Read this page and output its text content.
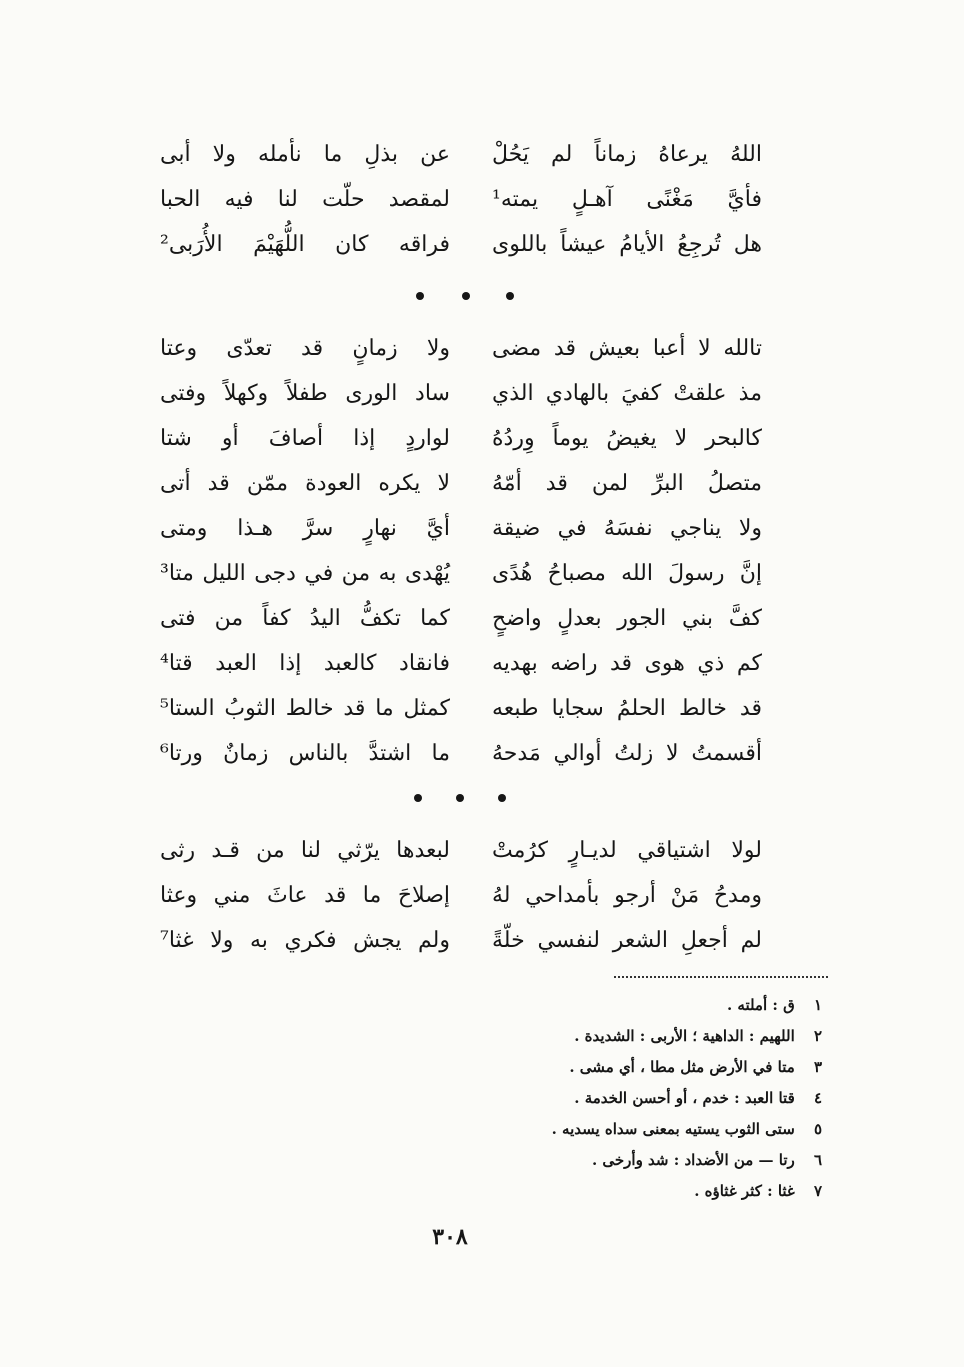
اللهُ يرعاهُ زماناً لم يَحُلْ
عن بذلِ ما نأمله ولا أبى
فأيَّ مَغْنًى آهـلٍ يمته¹
لمقصد حلّت لنا فيه الحبا
هل تُرجِعُ الأيامُ عيشاً باللوى
فراقه كان اللُّهَيْمَ الأُرَبى²
تالله لا أعبا بعيش قد مضى
ولا زمانٍ قد تعدّى وعتا
مذ علقتْ كفيَ بالهادي الذي
ساد الورى طفلاً وكهلاً وفتى
كالبحر لا يغيضُ يوماً وِردُهُ
لواردٍ إذا أصافَ أو شتا
متصلُ البرِّ لمن قد أمّهُ
لا يكره العودة ممّن قد أتى
ولا يناجي نفسَهُ في ضيقة
أيَّ نهارٍ سرَّ هـذا ومتى
إنَّ رسولَ الله مصباحُ هُدًى
يُهْدى به من في دجى الليل متا³
كفَّ بني الجور بعدلٍ واضحٍ
كما تكفُّ اليدُ كفاً من فتى
كم ذي هوى قد راضه بهديه
فانقاد كالعبد إذا العبد قتا⁴
قد خالط الحلمُ سجايا طبعه
كمثل ما قد خالط الثوبُ الستا⁵
أقسمتُ لا زلتُ أوالي مَدحهُ
ما اشتدَّ بالناس زمانٌ ورتا⁶
لولا اشتياقي لديـارٍ كرُمتْ
لبعدها يرّثي لنا من قـد رثى
ومدحُ مَنْ أرجو بأمداحي لهُ
إصلاحَ ما قد عاثَ مني وعثا
لم أجعلِ الشعر لنفسي خلّةً
ولم يجش فكري به ولا غثا⁷
١ ق : أملته .
٢ اللهيم : الداهية ؛ الأربى : الشديدة .
٣ متا في الأرض مثل مطا ، أي مشى .
٤ قتا العبد : خدم ، أو أحسن الخدمة .
٥ ستى الثوب يستيه بمعنى سداه يسديه .
٦ رتا — من الأضداد : شد وأرخى .
٧ غثا : كثر غثاؤه .
٣٠٨
